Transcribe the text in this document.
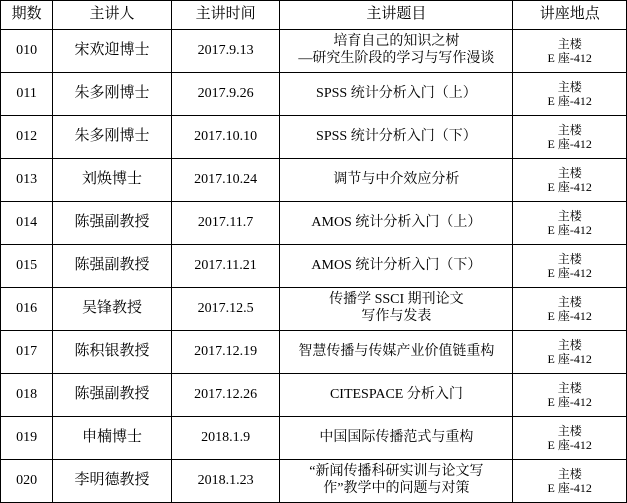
期数	主讲人	主讲时间	主讲题目	讲座地点
010	宋欢迎博士	2017.9.13	培育自己的知识之树
—研究生阶段的学习与写作漫谈	主楼
E 座-412

011	朱多刚博士	2017.9.26	SPSS 统计分析入门（上）	主楼
E 座-412

012	朱多刚博士	2017.10.10	SPSS 统计分析入门（下）	主楼
E 座-412

013	刘焕博士	2017.10.24	调节与中介效应分析	主楼
E 座-412

014	陈强副教授	2017.11.7	AMOS 统计分析入门（上）	主楼
E 座-412

015	陈强副教授	2017.11.21	AMOS 统计分析入门（下）	主楼
E 座-412

016	吴锋教授	2017.12.5	传播学 SSCI 期刊论文
写作与发表	主楼
E 座-412

017	陈积银教授	2017.12.19	智慧传播与传媒产业价值链重构	主楼
E 座-412

018	陈强副教授	2017.12.26	CITESPACE 分析入门	主楼
E 座-412

019	申楠博士	2018.1.9	中国国际传播范式与重构	主楼
E 座-412

020	李明德教授	2018.1.23	“新闻传播科研实训与论文写
作”教学中的问题与对策	主楼
E 座-412
